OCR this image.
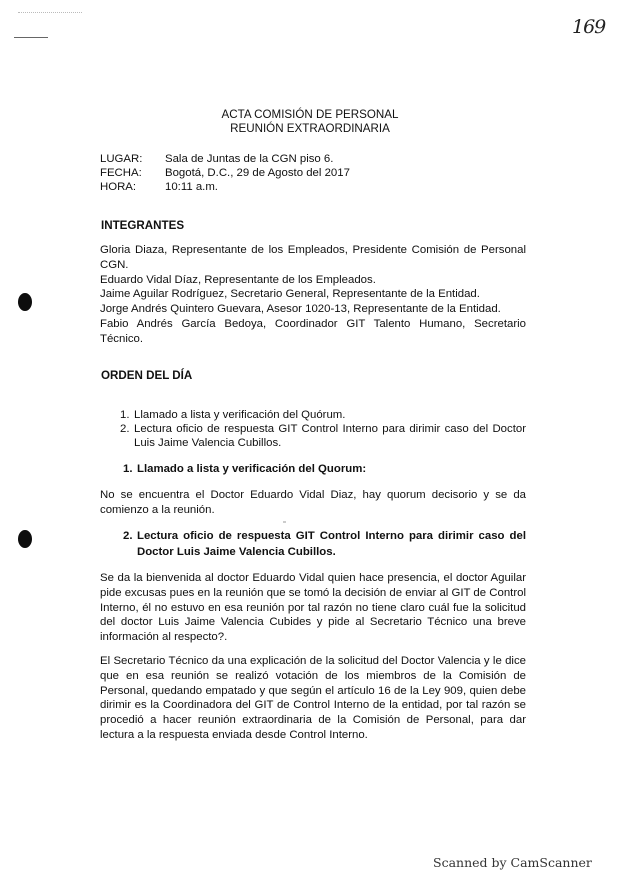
169
ACTA COMISIÓN DE PERSONAL
REUNIÓN EXTRAORDINARIA
LUGAR:	Sala de Juntas de la CGN piso 6.
FECHA:	Bogotá, D.C., 29 de Agosto del 2017
HORA:	10:11 a.m.
INTEGRANTES
Gloria Diaza, Representante de los Empleados, Presidente Comisión de Personal CGN.
Eduardo Vidal Díaz, Representante de los Empleados.
Jaime Aguilar Rodríguez, Secretario General, Representante de la Entidad.
Jorge Andrés Quintero Guevara, Asesor 1020-13, Representante de la Entidad.
Fabio Andrés García Bedoya, Coordinador GIT Talento Humano, Secretario Técnico.
ORDEN DEL DÍA
1. Llamado a lista y verificación del Quórum.
2. Lectura oficio de respuesta GIT Control Interno para dirimir caso del Doctor Luis Jaime Valencia Cubillos.
1. Llamado a lista y verificación del Quorum:
No se encuentra el Doctor Eduardo Vidal Diaz, hay quorum decisorio y se da comienzo a la reunión.
2. Lectura oficio de respuesta GIT Control Interno para dirimir caso del Doctor Luis Jaime Valencia Cubillos.
Se da la bienvenida al doctor Eduardo Vidal quien hace presencia, el doctor Aguilar pide excusas pues en la reunión que se tomó la decisión de enviar al GIT de Control Interno, él no estuvo en esa reunión por tal razón no tiene claro cuál fue la solicitud del doctor Luis Jaime Valencia Cubides y pide al Secretario Técnico una breve información al respecto?.
El Secretario Técnico da una explicación de la solicitud del Doctor Valencia y le dice que en esa reunión se realizó votación de los miembros de la Comisión de Personal, quedando empatado y que según el artículo 16 de la Ley 909, quien debe dirimir es la Coordinadora del GIT de Control Interno de la entidad, por tal razón se procedió a hacer reunión extraordinaria de la Comisión de Personal, para dar lectura a la respuesta enviada desde Control Interno.
Scanned by CamScanner
